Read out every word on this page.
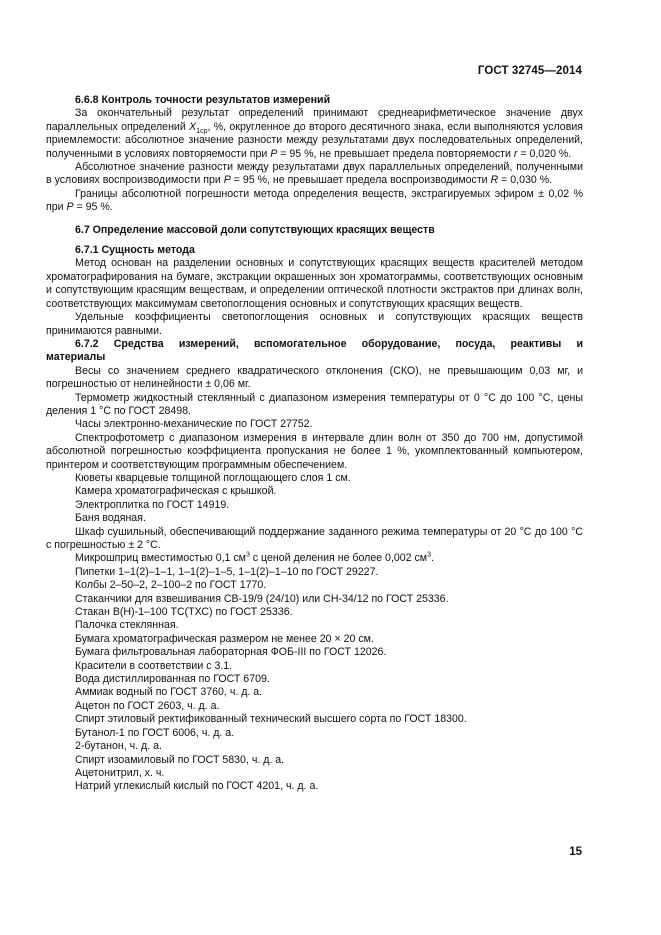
ГОСТ 32745—2014

6.6.8 Контроль точности результатов измерений

За окончательный результат определений принимают среднеарифметическое значение двух параллельных определений $X_{1ср}$, %, округленное до второго десятичного знака, если выполняются условия приемлемости: абсолютное значение разности между результатами двух последовательных определений, полученными в условиях повторяемости при P = 95 %, не превышает предела повторяемости r = 0,020 %.

Абсолютное значение разности между результатами двух параллельных определений, полученными в условиях воспроизводимости при P = 95 %, не превышает предела воспроизводимости R = 0,030 %.

Границы абсолютной погрешности метода определения веществ, экстрагируемых эфиром ± 0,02 % при P = 95 %.

6.7 Определение массовой доли сопутствующих красящих веществ

6.7.1 Сущность метода

Метод основан на разделении основных и сопутствующих красящих веществ красителей методом хроматографирования на бумаге, экстракции окрашенных зон хроматограммы, соответствующих основным и сопутствующим красящим веществам, и определении оптической плотности экстрактов при длинах волн, соответствующих максимумам светопоглощения основных и сопутствующих красящих веществ.

Удельные коэффициенты светопоглощения основных и сопутствующих красящих веществ принимаются равными.

6.7.2 Средства измерений, вспомогательное оборудование, посуда, реактивы и

материалы

Весы со значением среднего квадратического отклонения (СКО), не превышающим 0,03 мг, и погрешностью от нелинейности ± 0,06 мг.

Термометр жидкостный стеклянный с диапазоном измерения температуры от 0 °C до 100 °C, цены деления 1 °C по ГОСТ 28498.

Часы электронно-механические по ГОСТ 27752.

Спектрофотометр с диапазоном измерения в интервале длин волн от 350 до 700 нм, допустимой абсолютной погрешностью коэффициента пропускания не более 1 %, укомплектованный компьютером, принтером и соответствующим программным обеспечением.

Кюветы кварцевые толщиной поглощающего слоя 1 см.

Камера хроматографическая с крышкой.

Электроплитка по ГОСТ 14919.

Баня водяная.

Шкаф сушильный, обеспечивающий поддержание заданного режима температуры от 20 °C до 100 °C с погрешностью ± 2 °C.

Микрошприц вместимостью 0,1 $см^3$ с ценой деления не более 0,002 $см^3$.

Пипетки 1–1(2)–1–1, 1–1(2)–1–5, 1–1(2)–1–10 по ГОСТ 29227.

Колбы 2–50–2, 2–100–2 по ГОСТ 1770.

Стаканчики для взвешивания СВ-19/9 (24/10) или СН-34/12 по ГОСТ 25336.

Стакан В(Н)-1–100 ТС(ТХС) по ГОСТ 25336.

Палочка стеклянная.

Бумага хроматографическая размером не менее 20 × 20 см.

Бумага фильтровальная лабораторная ФОБ-III по ГОСТ 12026.

Красители в соответствии с 3.1.

Вода дистиллированная по ГОСТ 6709.

Аммиак водный по ГОСТ 3760, ч. д. а.

Ацетон по ГОСТ 2603, ч. д. а.

Спирт этиловый ректификованный технический высшего сорта по ГОСТ 18300.

Бутанол-1 по ГОСТ 6006, ч. д. а.

2-бутанон, ч. д. а.

Спирт изоамиловый по ГОСТ 5830, ч. д. а.

Ацетонитрил, х. ч.

Натрий углекислый кислый по ГОСТ 4201, ч. д. а.

15
